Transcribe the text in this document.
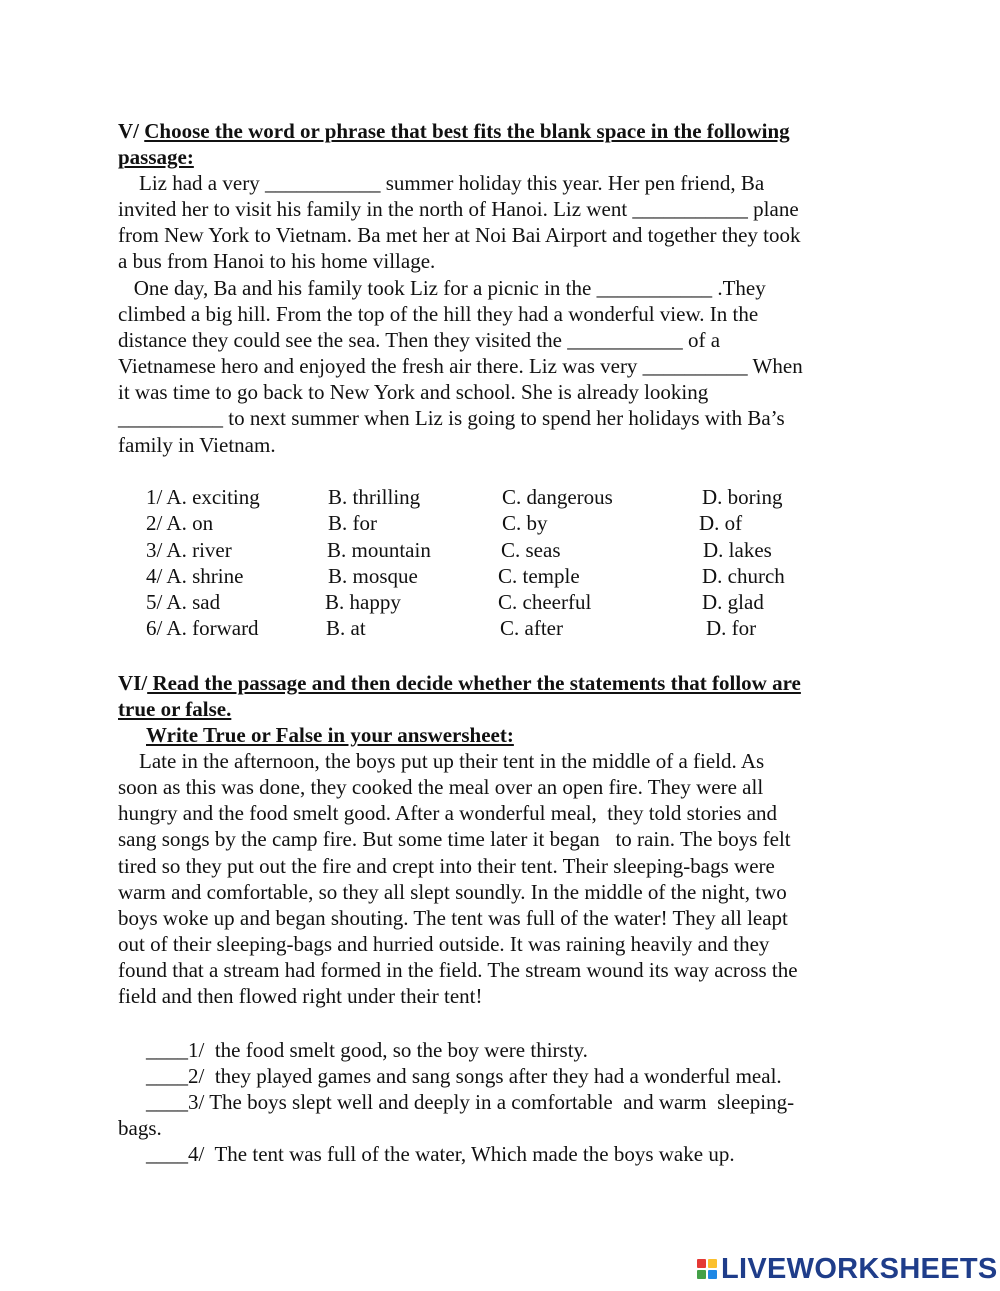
V/ Choose the word or phrase that best fits the blank space in the following
passage:
Liz had a very ___________ summer holiday this year. Her pen friend, Ba
invited her to visit his family in the north of Hanoi. Liz went ___________ plane
from New York to Vietnam. Ba met her at Noi Bai Airport and together they took
a bus from Hanoi to his home village.
One day, Ba and his family took Liz for a picnic in the ___________ .They
climbed a big hill. From the top of the hill they had a wonderful view. In the
distance they could see the sea. Then they visited the ___________ of a
Vietnamese hero and enjoyed the fresh air there. Liz was very __________ When
it was time to go back to New York and school. She is already looking
__________ to next summer when Liz is going to spend her holidays with Ba’s
family in Vietnam.
1/ A. exciting	B. thrilling	C. dangerous	D. boring
2/ A. on	B. for	C. by	D. of
3/ A. river	B. mountain	C. seas	D. lakes
4/ A. shrine	B. mosque	C. temple	D. church
5/ A. sad	B. happy	C. cheerful	D. glad
6/ A. forward	B. at	C. after	D. for
VI/ Read the passage and then decide whether the statements that follow are
true or false.
Write True or False in your answersheet:
Late in the afternoon, the boys put up their tent in the middle of a field. As
soon as this was done, they cooked the meal over an open fire. They were all
hungry and the food smelt good. After a wonderful meal,  they told stories and
sang songs by the camp fire. But some time later it began   to rain. The boys felt
tired so they put out the fire and crept into their tent. Their sleeping-bags were
warm and comfortable, so they all slept soundly. In the middle of the night, two
boys woke up and began shouting. The tent was full of the water! They all leapt
out of their sleeping-bags and hurried outside. It was raining heavily and they
found that a stream had formed in the field. The stream wound its way across the
field and then flowed right under their tent!
____1/  the food smelt good, so the boy were thirsty.
____2/  they played games and sang songs after they had a wonderful meal.
____3/ The boys slept well and deeply in a comfortable  and warm  sleeping-
bags.
____4/  The tent was full of the water, Which made the boys wake up.
LIVEWORKSHEETS
